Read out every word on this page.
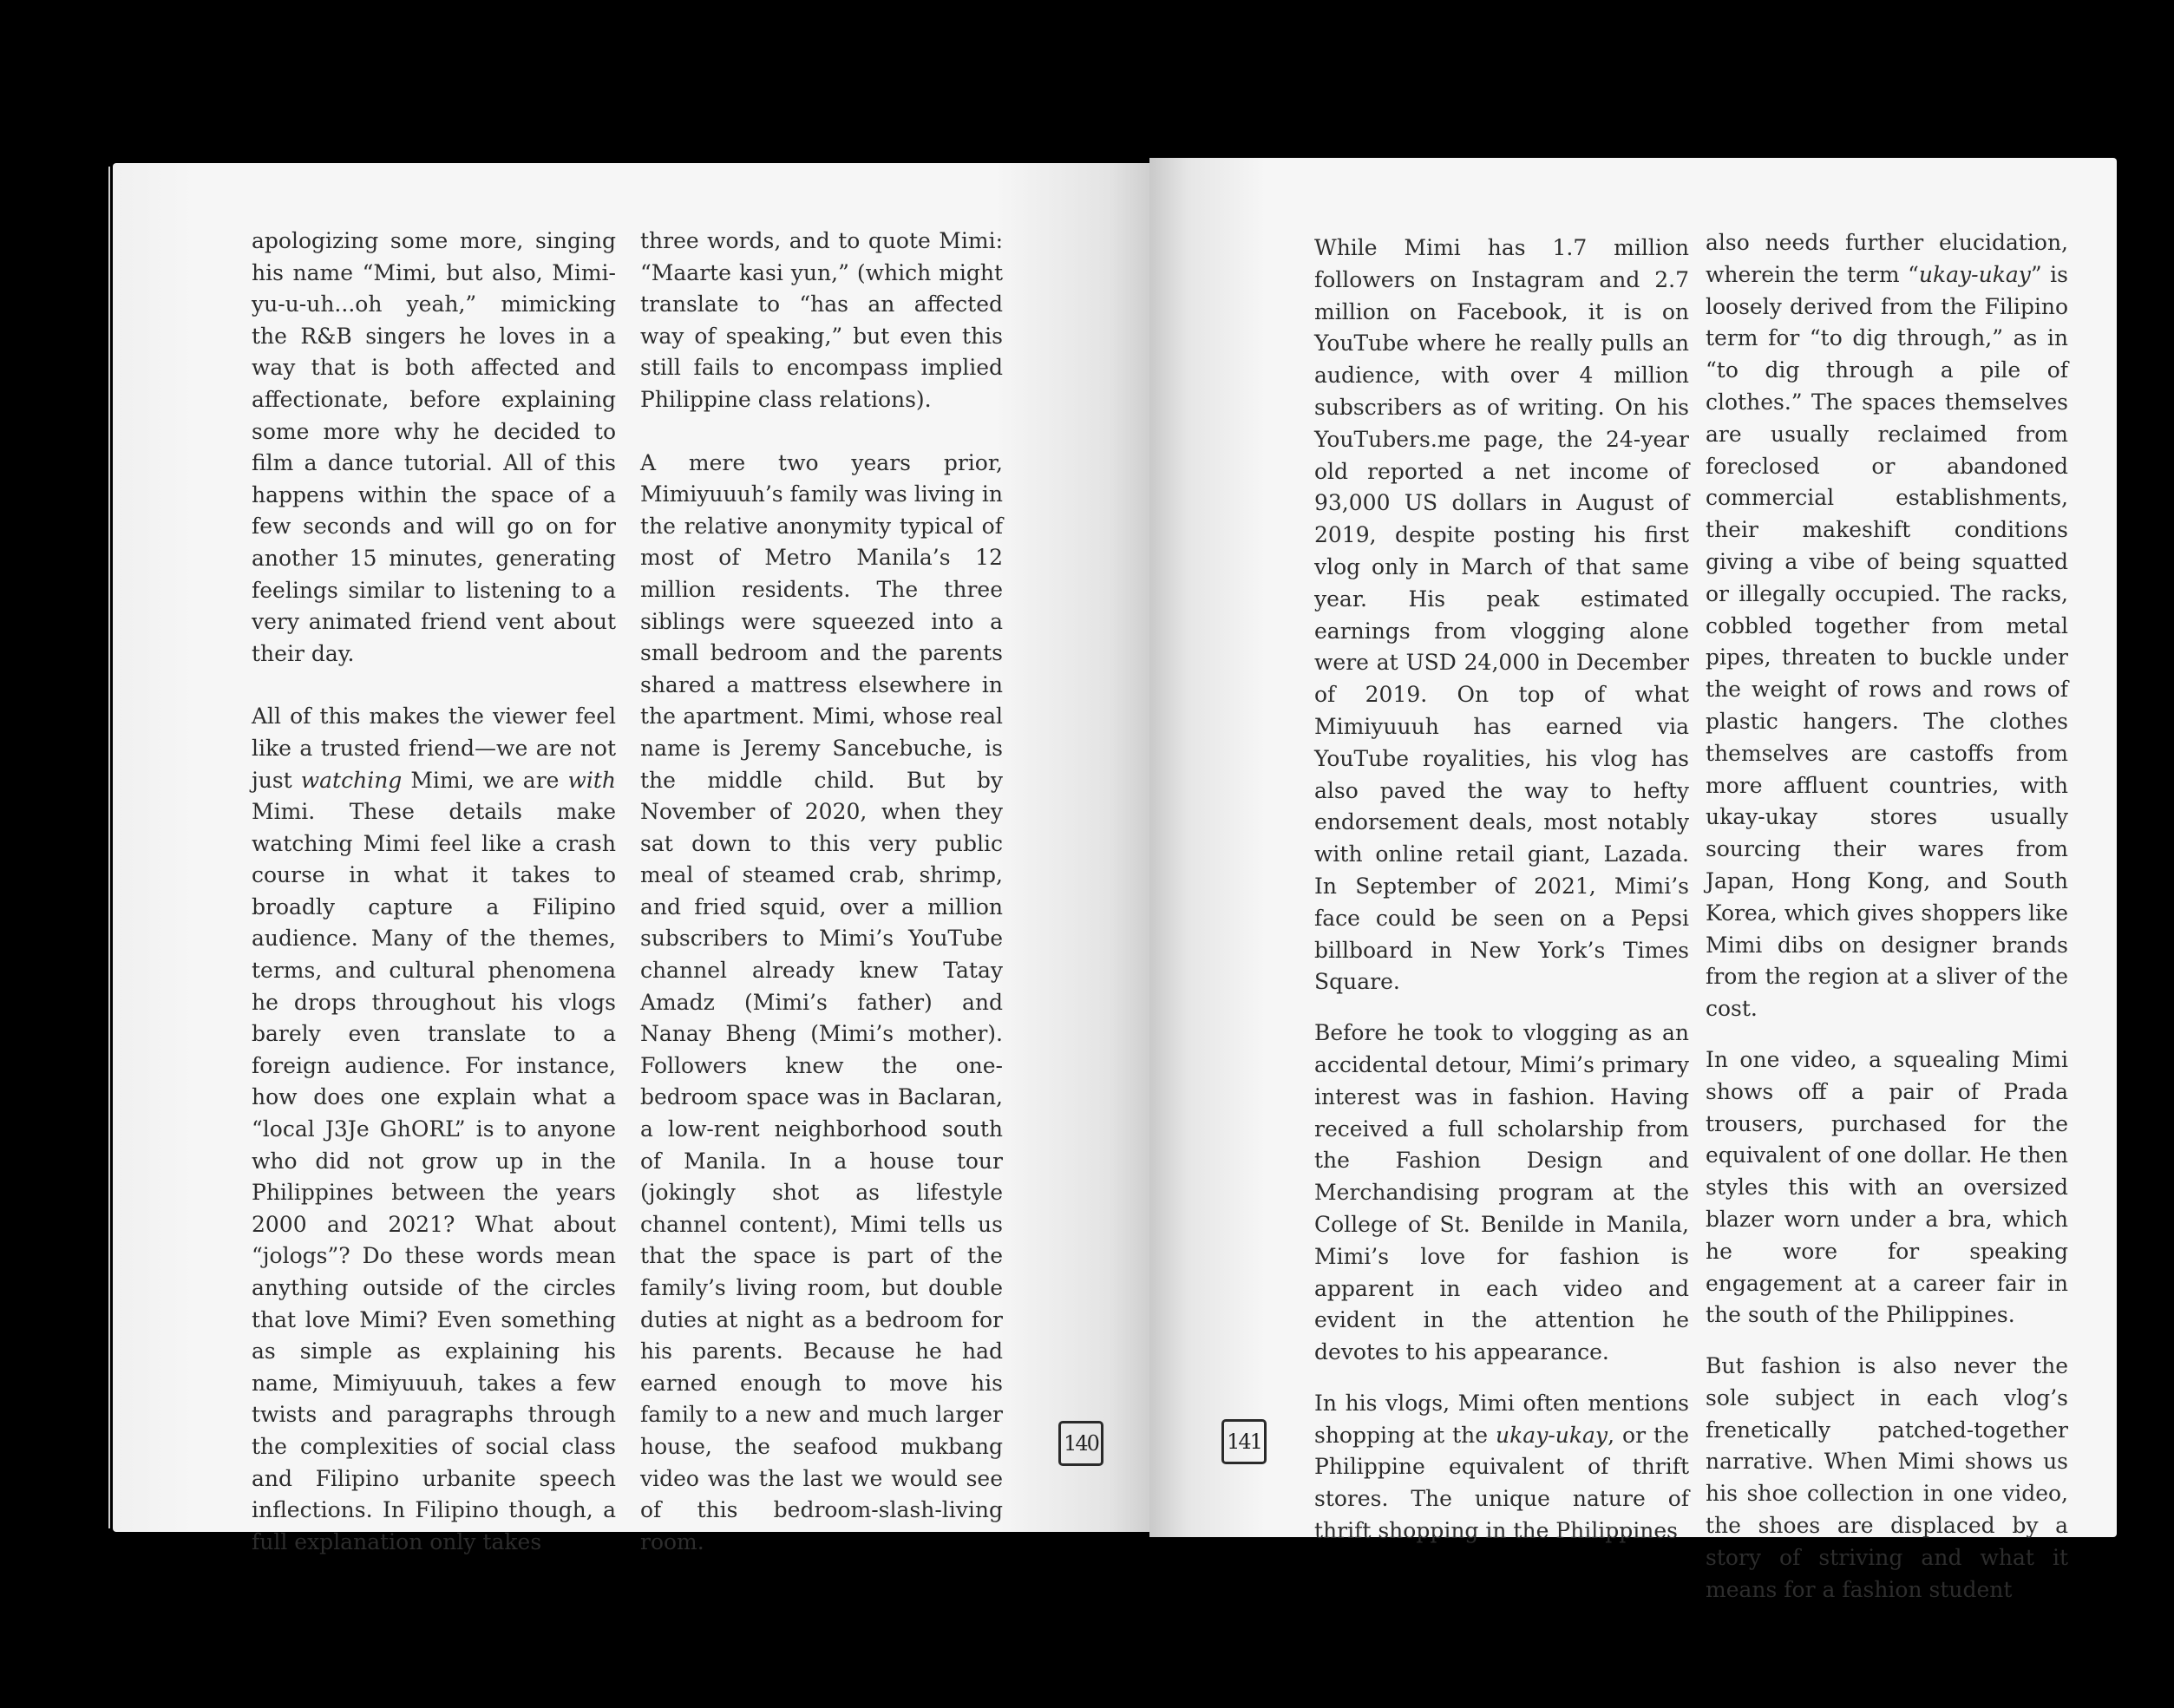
apologizing some more, singing his name “Mimi, but also, Mimi-yu-u-uh...oh yeah,” mimicking the R&B singers he loves in a way that is both affected and affectionate, before explaining some more why he decided to film a dance tutorial. All of this happens within the space of a few seconds and will go on for another 15 minutes, generating feelings similar to listening to a very animated friend vent about their day.

All of this makes the viewer feel like a trusted friend—we are not just watching Mimi, we are with Mimi. These details make watching Mimi feel like a crash course in what it takes to broadly capture a Filipino audience. Many of the themes, terms, and cultural phenomena he drops throughout his vlogs barely even translate to a foreign audience. For instance, how does one explain what a “local J3Je GhORL” is to anyone who did not grow up in the Philippines between the years 2000 and 2021? What about “jologs”? Do these words mean anything outside of the circles that love Mimi? Even something as simple as explaining his name, Mimiyuuuh, takes a few twists and paragraphs through the complexities of social class and Filipino urbanite speech inflections. In Filipino though, a full explanation only takes

three words, and to quote Mimi: “Maarte kasi yun,” (which might translate to “has an affected way of speaking,” but even this still fails to encompass implied Philippine class relations).

A mere two years prior, Mimiyuuuh’s family was living in the relative anonymity typical of most of Metro Manila’s 12 million residents. The three siblings were squeezed into a small bedroom and the parents shared a mattress elsewhere in the apartment. Mimi, whose real name is Jeremy Sancebuche, is the middle child. But by November of 2020, when they sat down to this very public meal of steamed crab, shrimp, and fried squid, over a million subscribers to Mimi’s YouTube channel already knew Tatay Amadz (Mimi’s father) and Nanay Bheng (Mimi’s mother). Followers knew the one-bedroom space was in Baclaran, a low-rent neighborhood south of Manila. In a house tour (jokingly shot as lifestyle channel content), Mimi tells us that the space is part of the family’s living room, but double duties at night as a bedroom for his parents. Because he had earned enough to move his family to a new and much larger house, the seafood mukbang video was the last we would see of this bedroom-slash-living room.

140	141

While Mimi has 1.7 million followers on Instagram and 2.7 million on Facebook, it is on YouTube where he really pulls an audience, with over 4 million subscribers as of writing. On his YouTubers.me page, the 24-year old reported a net income of 93,000 US dollars in August of 2019, despite posting his first vlog only in March of that same year. His peak estimated earnings from vlogging alone were at USD 24,000 in December of 2019. On top of what Mimiyuuuh has earned via YouTube royalities, his vlog has also paved the way to hefty endorsement deals, most notably with online retail giant, Lazada. In September of 2021, Mimi’s face could be seen on a Pepsi billboard in New York’s Times Square.

Before he took to vlogging as an accidental detour, Mimi’s primary interest was in fashion. Having received a full scholarship from the Fashion Design and Merchandising program at the College of St. Benilde in Manila, Mimi’s love for fashion is apparent in each video and evident in the attention he devotes to his appearance.

In his vlogs, Mimi often mentions shopping at the ukay-ukay, or the Philippine equivalent of thrift stores. The unique nature of thrift shopping in the Philippines

also needs further elucidation, wherein the term “ukay-ukay” is loosely derived from the Filipino term for “to dig through,” as in “to dig through a pile of clothes.” The spaces themselves are usually reclaimed from foreclosed or abandoned commercial establishments, their makeshift conditions giving a vibe of being squatted or illegally occupied. The racks, cobbled together from metal pipes, threaten to buckle under the weight of rows and rows of plastic hangers. The clothes themselves are castoffs from more affluent countries, with ukay-ukay stores usually sourcing their wares from Japan, Hong Kong, and South Korea, which gives shoppers like Mimi dibs on designer brands from the region at a sliver of the cost.

In one video, a squealing Mimi shows off a pair of Prada trousers, purchased for the equivalent of one dollar. He then styles this with an oversized blazer worn under a bra, which he wore for speaking engagement at a career fair in the south of the Philippines.

But fashion is also never the sole subject in each vlog’s frenetically patched-together narrative. When Mimi shows us his shoe collection in one video, the shoes are displaced by a story of striving and what it means for a fashion student
